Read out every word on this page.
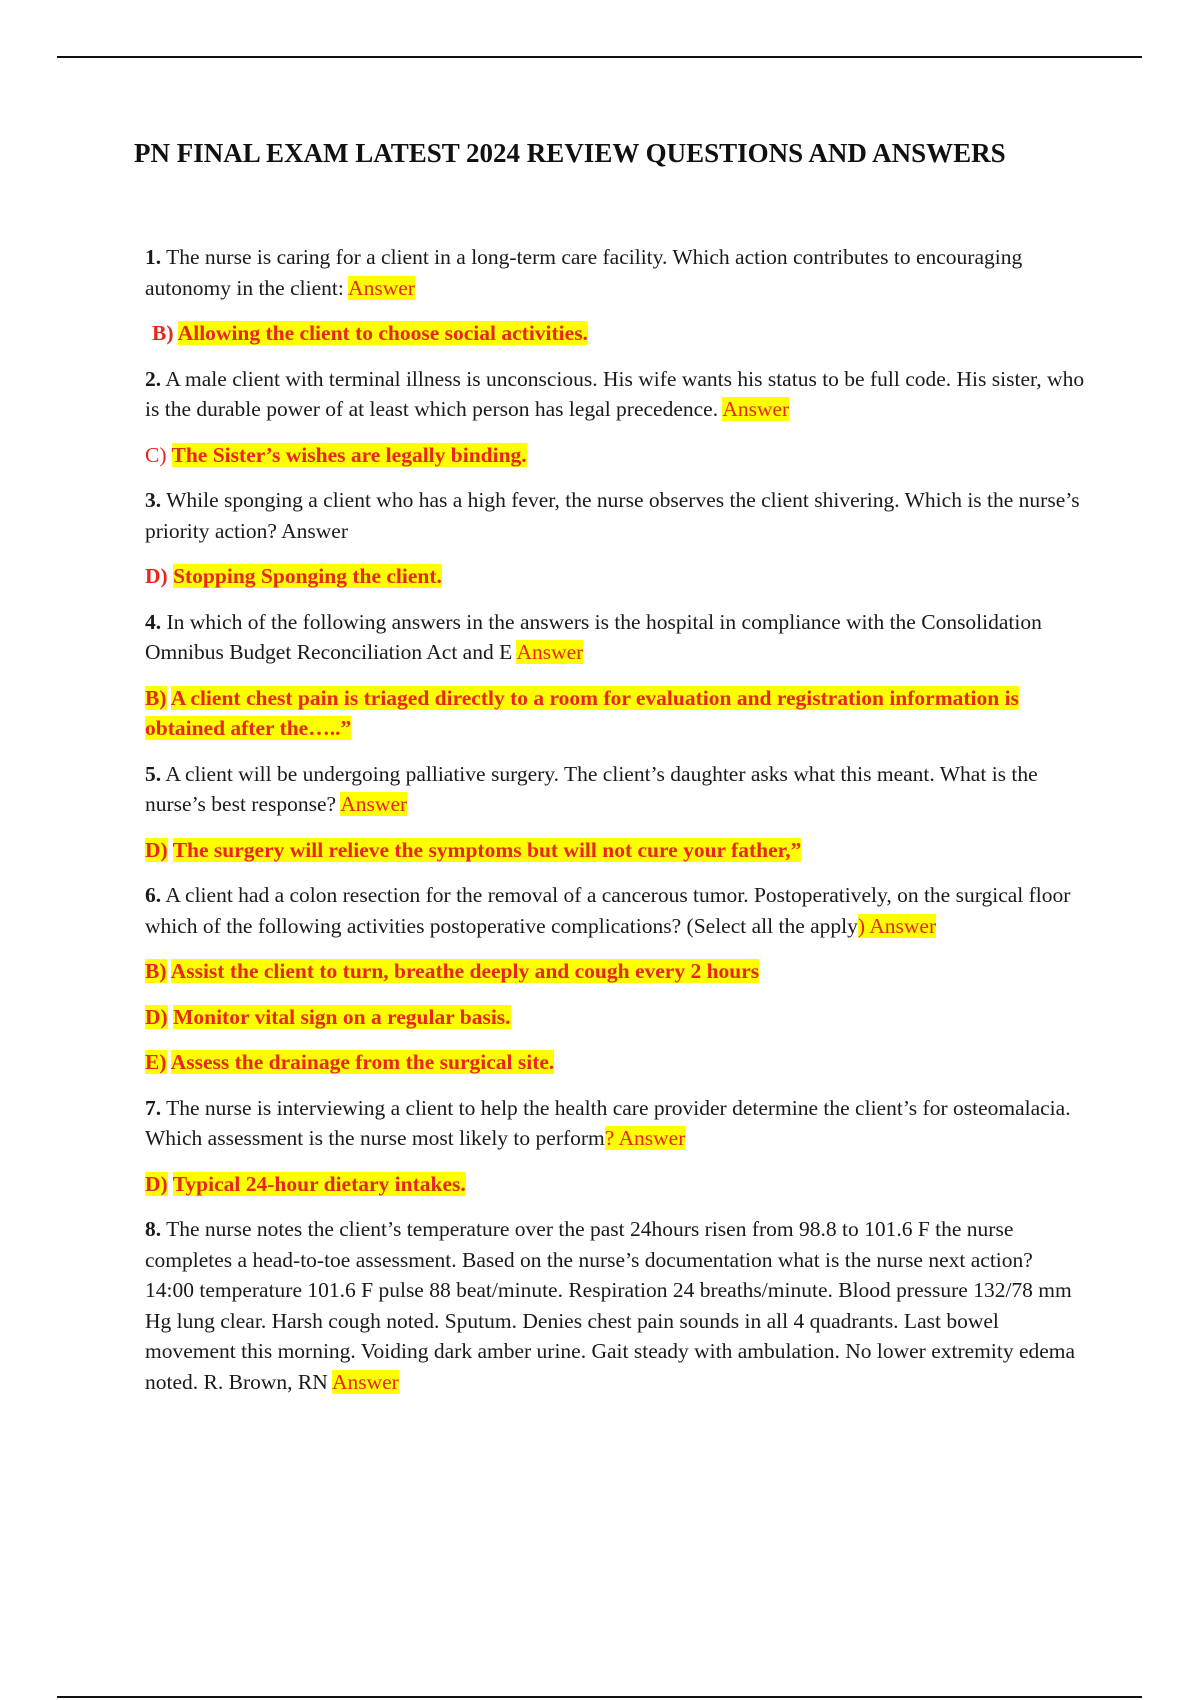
PN FINAL EXAM LATEST 2024 REVIEW QUESTIONS AND ANSWERS

1. The nurse is caring for a client in a long-term care facility. Which action contributes to encouraging autonomy in the client: Answer

B) Allowing the client to choose social activities.

2. A male client with terminal illness is unconscious. His wife wants his status to be full code. His sister, who is the durable power of at least which person has legal precedence. Answer

C) The Sister’s wishes are legally binding.

3. While sponging a client who has a high fever, the nurse observes the client shivering. Which is the nurse’s priority action? Answer

D) Stopping Sponging the client.

4. In which of the following answers in the answers is the hospital in compliance with the Consolidation Omnibus Budget Reconciliation Act and E Answer

B) A client chest pain is triaged directly to a room for evaluation and registration information is obtained after the…..”

5. A client will be undergoing palliative surgery. The client’s daughter asks what this meant. What is the nurse’s best response? Answer

D) The surgery will relieve the symptoms but will not cure your father,”

6. A client had a colon resection for the removal of a cancerous tumor. Postoperatively, on the surgical floor which of the following activities postoperative complications? (Select all the apply) Answer

B) Assist the client to turn, breathe deeply and cough every 2 hours

D) Monitor vital sign on a regular basis.

E) Assess the drainage from the surgical site.

7. The nurse is interviewing a client to help the health care provider determine the client’s for osteomalacia. Which assessment is the nurse most likely to perform? Answer

D) Typical 24-hour dietary intakes.

8. The nurse notes the client’s temperature over the past 24hours risen from 98.8 to 101.6 F the nurse completes a head-to-toe assessment. Based on the nurse’s documentation what is the nurse next action? 14:00 temperature 101.6 F pulse 88 beat/minute. Respiration 24 breaths/minute. Blood pressure 132/78 mm Hg lung clear. Harsh cough noted. Sputum. Denies chest pain sounds in all 4 quadrants. Last bowel movement this morning. Voiding dark amber urine. Gait steady with ambulation. No lower extremity edema noted. R. Brown, RN Answer
